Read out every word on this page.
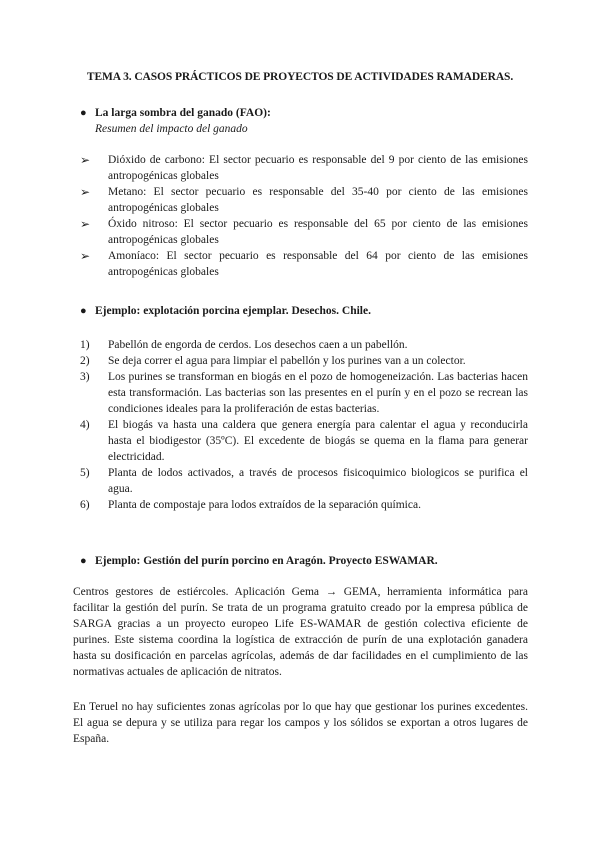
TEMA 3. CASOS PRÁCTICOS DE PROYECTOS DE ACTIVIDADES RAMADERAS.
● La larga sombra del ganado (FAO):
Resumen del impacto del ganado
➢ Dióxido de carbono: El sector pecuario es responsable del 9 por ciento de las emisiones antropogénicas globales
➢ Metano: El sector pecuario es responsable del 35-40 por ciento de las emisiones antropogénicas globales
➢ Óxido nitroso: El sector pecuario es responsable del 65 por ciento de las emisiones antropogénicas globales
➢ Amoníaco: El sector pecuario es responsable del 64 por ciento de las emisiones antropogénicas globales
● Ejemplo: explotación porcina ejemplar. Desechos. Chile.
1) Pabellón de engorda de cerdos. Los desechos caen a un pabellón.
2) Se deja correr el agua para limpiar el pabellón y los purines van a un colector.
3) Los purines se transforman en biogás en el pozo de homogeneización. Las bacterias hacen esta transformación. Las bacterias son las presentes en el purín y en el pozo se recrean las condiciones ideales para la proliferación de estas bacterias.
4) El biogás va hasta una caldera que genera energía para calentar el agua y reconducirla hasta el biodigestor (35ºC). El excedente de biogás se quema en la flama para generar electricidad.
5) Planta de lodos activados, a través de procesos fisicoquimico biologicos se purifica el agua.
6) Planta de compostaje para lodos extraídos de la separación química.
● Ejemplo: Gestión del purín porcino en Aragón. Proyecto ESWAMAR.

Centros gestores de estiércoles. Aplicación Gema → GEMA, herramienta informática para facilitar la gestión del purín. Se trata de un programa gratuito creado por la empresa pública de SARGA gracias a un proyecto europeo Life ES-WAMAR de gestión colectiva eficiente de purines. Este sistema coordina la logística de extracción de purín de una explotación ganadera hasta su dosificación en parcelas agrícolas, además de dar facilidades en el cumplimiento de las normativas actuales de aplicación de nitratos.

En Teruel no hay suficientes zonas agrícolas por lo que hay que gestionar los purines excedentes. El agua se depura y se utiliza para regar los campos y los sólidos se exportan a otros lugares de España.
